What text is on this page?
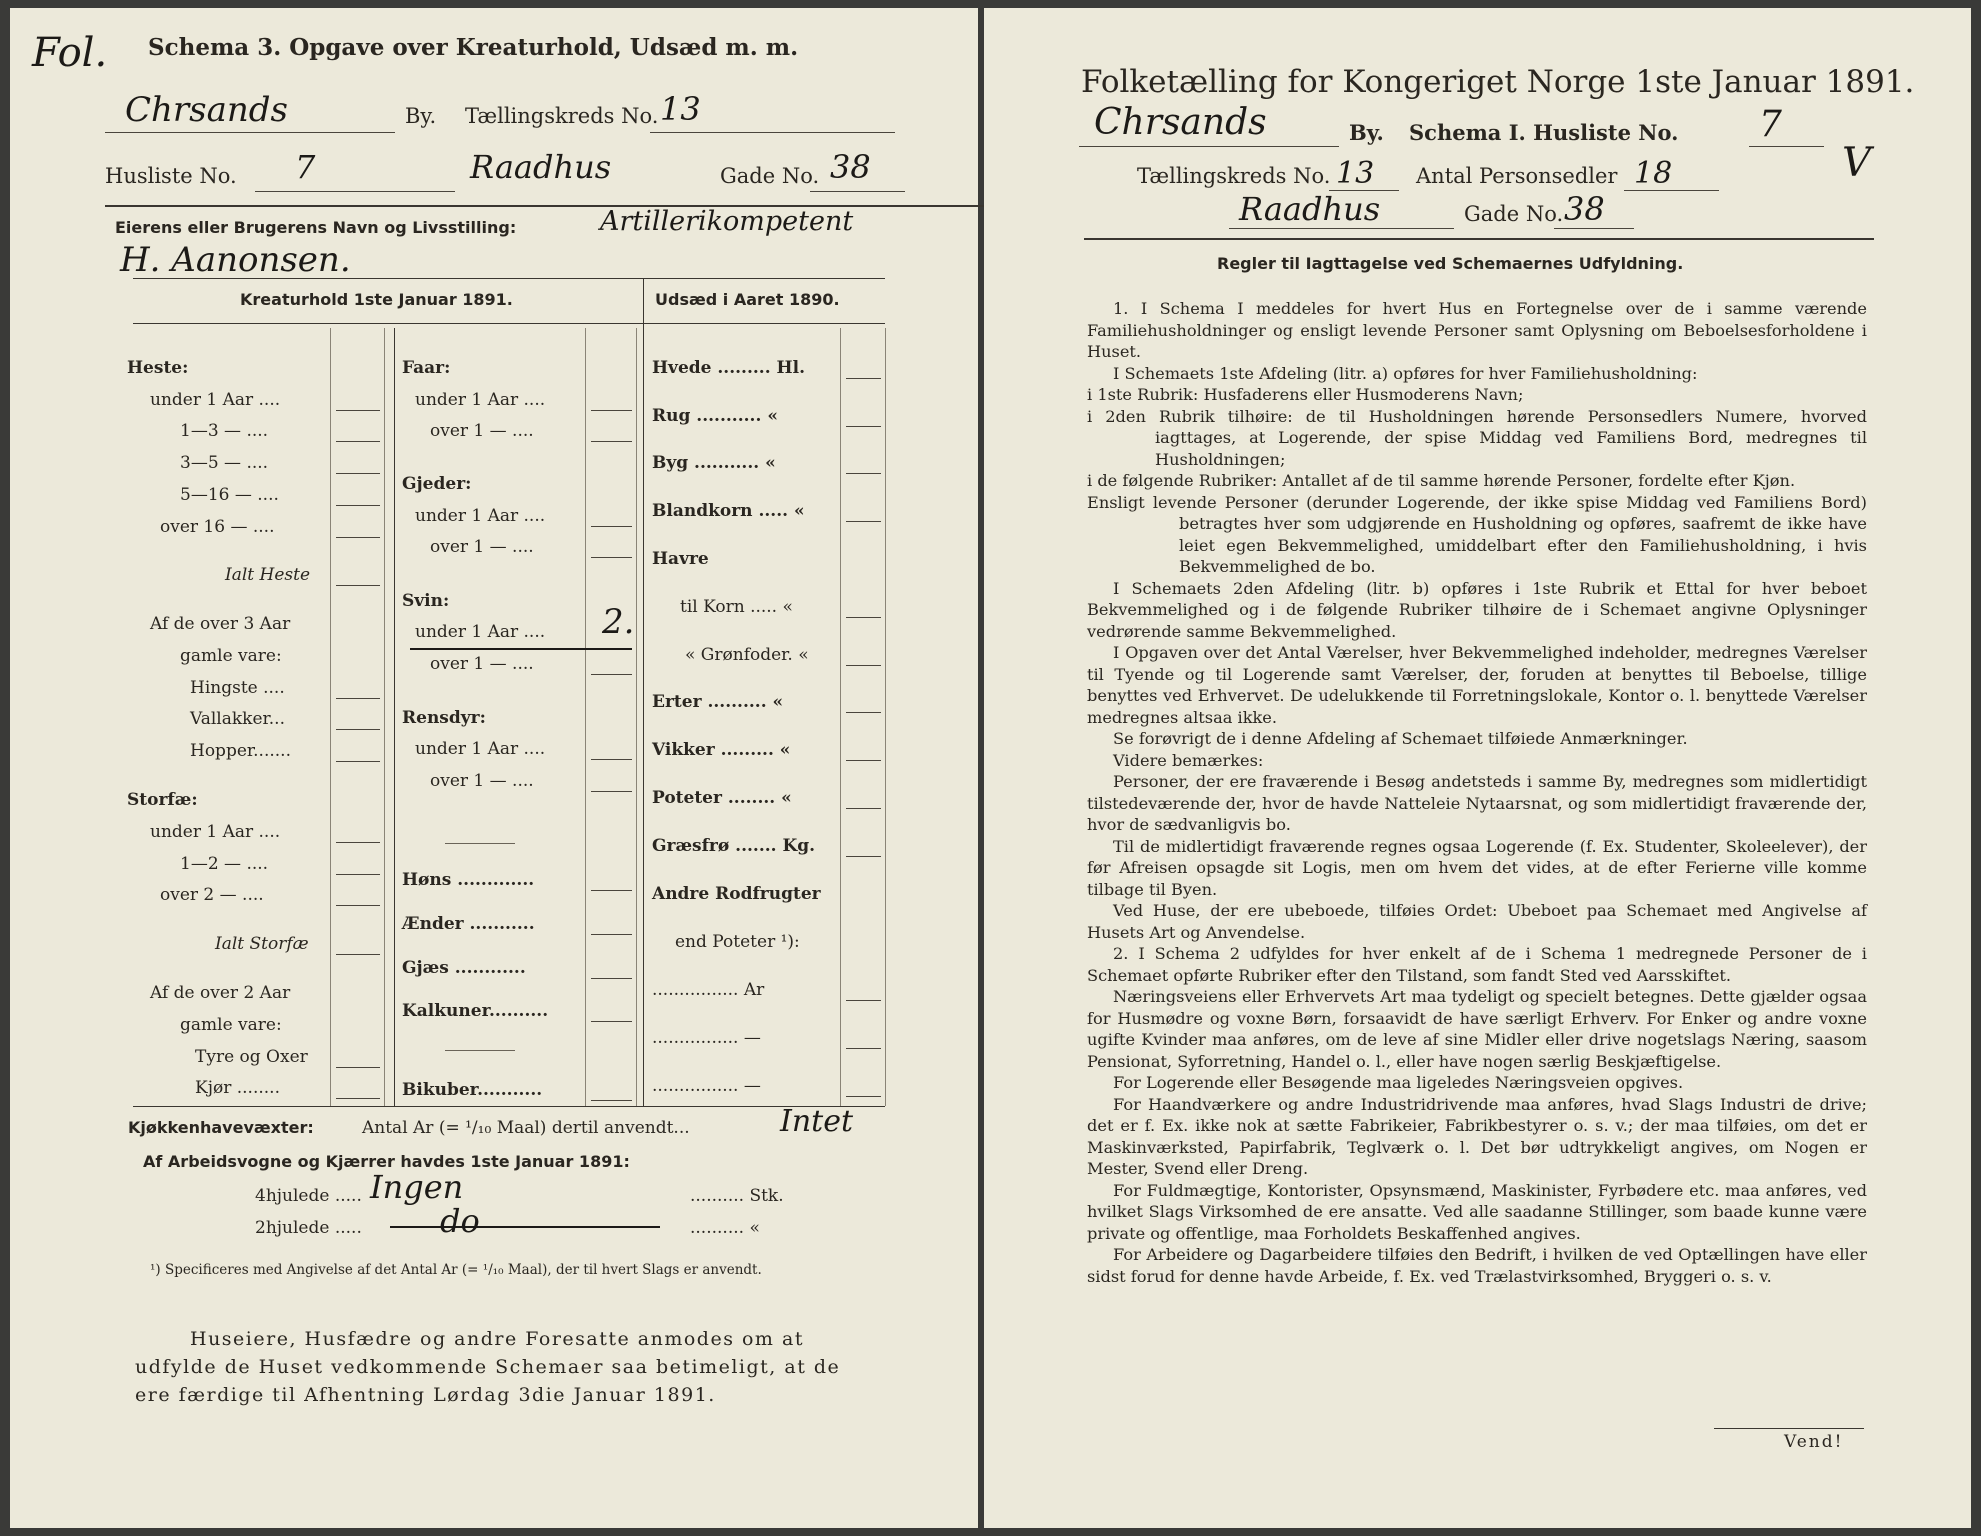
Fol. Schema 3. Opgave over Kreaturhold, Udsæd m. m.
Chrsands	By. Tællingskreds No. 13
Husliste No. 7	Raadhus	Gade No. 38
Eierens eller Brugerens Navn og Livsstilling:	Artillerikompetent
H. Aanonsen.
Kreaturhold 1ste Januar 1891.	Udsæd i Aaret 1890.
Heste:
under 1 Aar ....
1—3 — ....
3—5 — ....
5—16 — ....
over 16 — ....
Ialt Heste
Af de over 3 Aar
gamle vare:
Hingste ....
Vallakker...
Hopper.......
Storfæ:
under 1 Aar ....
1—2 — ....
over 2 — ....
Ialt Storfæ
Af de over 2 Aar
gamle vare:
Tyre og Oxer
Kjør ........
Faar:
under 1 Aar ....
over 1 — ....
Gjeder:
under 1 Aar ....
over 1 — ....
Svin:
under 1 Aar .... 2.
over 1 — ....
Rensdyr:
under 1 Aar ....
over 1 — ....
Høns .............
Ænder ...........
Gjæs ............
Kalkuner..........
Bikuber...........
Hvede ......... Hl.
Rug ........... «
Byg ........... «
Blandkorn ..... «
Havre
til Korn ..... «
« Grønfoder. «
Erter .......... «
Vikker ......... «
Poteter ........ «
Græsfrø ....... Kg.
Andre Rodfrugter
end Poteter ¹):
................ Ar
................ —
................ —
Kjøkkenhavevæxter:	Antal Ar (= ¹/₁₀ Maal) dertil anvendt...	Intet
Af Arbeidsvogne og Kjærrer havdes 1ste Januar 1891:
4hjulede ..... Ingen	.......... Stk.
2hjulede ..... do	.......... «
¹) Specificeres med Angivelse af det Antal Ar (= ¹/₁₀ Maal), der til hvert Slags er anvendt.
Huseiere, Husfædre og andre Foresatte anmodes om at
udfylde de Huset vedkommende Schemaer saa betimeligt, at de
ere færdige til Afhentning Lørdag 3die Januar 1891.
Folketælling for Kongeriget Norge 1ste Januar 1891.
Chrsands	By. Schema I. Husliste No. 7
V
Tællingskreds No. 13 Antal Personsedler 18
Raadhus	Gade No. 38
Regler til Iagttagelse ved Schemaernes Udfyldning.

1. I Schema I meddeles for hvert Hus en Fortegnelse over de i samme værende Familiehusholdninger og ensligt levende Personer samt Oplysning om Beboelsesforholdene i Huset.

I Schemaets 1ste Afdeling (litr. a) opføres for hver Familiehusholdning:

i 1ste Rubrik: Husfaderens eller Husmoderens Navn;

i 2den Rubrik tilhøire: de til Husholdningen hørende Personsedlers Numere, hvorved iagttages, at Logerende, der spise Middag ved Familiens Bord, medregnes til Husholdningen;

i de følgende Rubriker: Antallet af de til samme hørende Personer, fordelte efter Kjøn.

Ensligt levende Personer (derunder Logerende, der ikke spise Middag ved Familiens Bord) betragtes hver som udgjørende en Husholdning og opføres, saafremt de ikke have leiet egen Bekvemmelighed, umiddelbart efter den Familiehusholdning, i hvis Bekvemmelighed de bo.

I Schemaets 2den Afdeling (litr. b) opføres i 1ste Rubrik et Ettal for hver beboet Bekvemmelighed og i de følgende Rubriker tilhøire de i Schemaet angivne Oplysninger vedrørende samme Bekvemmelighed.

I Opgaven over det Antal Værelser, hver Bekvemmelighed indeholder, medregnes Værelser til Tyende og til Logerende samt Værelser, der, foruden at benyttes til Beboelse, tillige benyttes ved Erhvervet. De udelukkende til Forretningslokale, Kontor o. l. benyttede Værelser medregnes altsaa ikke.

Se forøvrigt de i denne Afdeling af Schemaet tilføiede Anmærkninger.

Videre bemærkes:

Personer, der ere fraværende i Besøg andetsteds i samme By, medregnes som midlertidigt tilstedeværende der, hvor de havde Natteleie Nytaarsnat, og som midlertidigt fraværende der, hvor de sædvanligvis bo.

Til de midlertidigt fraværende regnes ogsaa Logerende (f. Ex. Studenter, Skoleelever), der før Afreisen opsagde sit Logis, men om hvem det vides, at de efter Ferierne ville komme tilbage til Byen.

Ved Huse, der ere ubeboede, tilføies Ordet: Ubeboet paa Schemaet med Angivelse af Husets Art og Anvendelse.

2. I Schema 2 udfyldes for hver enkelt af de i Schema 1 medregnede Personer de i Schemaet opførte Rubriker efter den Tilstand, som fandt Sted ved Aarsskiftet.

Næringsveiens eller Erhvervets Art maa tydeligt og specielt betegnes. Dette gjælder ogsaa for Husmødre og voxne Børn, forsaavidt de have særligt Erhverv. For Enker og andre voxne ugifte Kvinder maa anføres, om de leve af sine Midler eller drive nogetslags Næring, saasom Pensionat, Syforretning, Handel o. l., eller have nogen særlig Beskjæftigelse.

For Logerende eller Besøgende maa ligeledes Næringsveien opgives.

For Haandværkere og andre Industridrivende maa anføres, hvad Slags Industri de drive; det er f. Ex. ikke nok at sætte Fabrikeier, Fabrikbestyrer o. s. v.; der maa tilføies, om det er Maskinværksted, Papirfabrik, Teglværk o. l. Det bør udtrykkeligt angives, om Nogen er Mester, Svend eller Dreng.

For Fuldmægtige, Kontorister, Opsynsmænd, Maskinister, Fyrbødere etc. maa anføres, ved hvilket Slags Virksomhed de ere ansatte. Ved alle saadanne Stillinger, som baade kunne være private og offentlige, maa Forholdets Beskaffenhed angives.

For Arbeidere og Dagarbeidere tilføies den Bedrift, i hvilken de ved Optællingen have eller sidst forud for denne havde Arbeide, f. Ex. ved Trælastvirksomhed, Bryggeri o. s. v.

Vend!
